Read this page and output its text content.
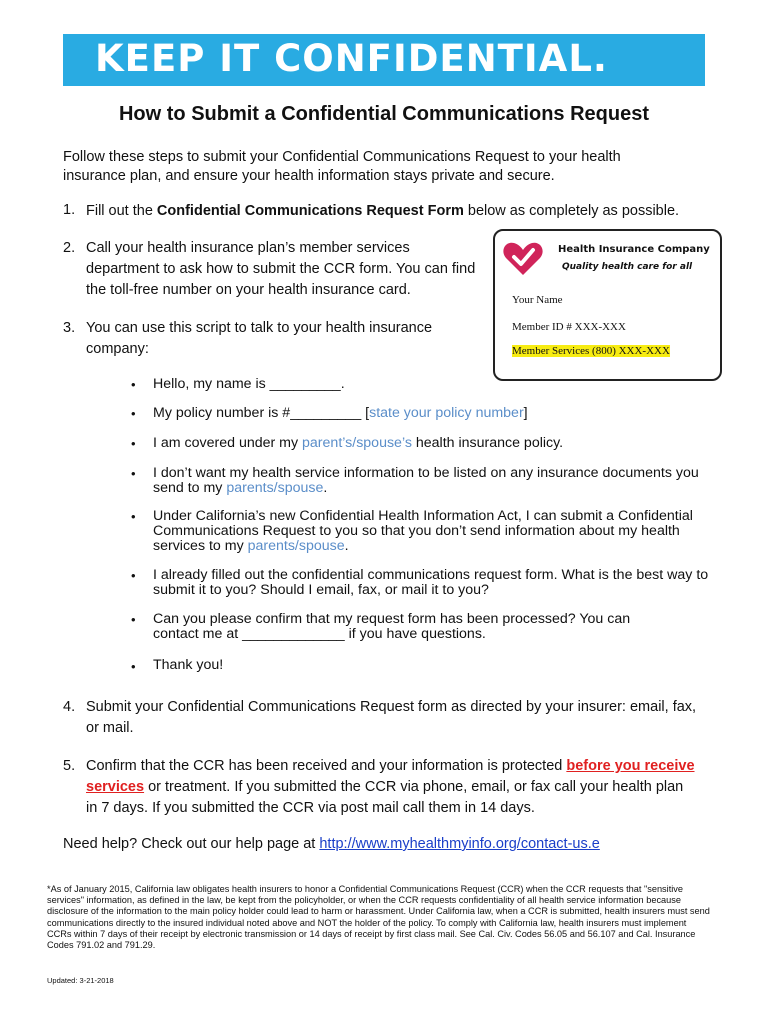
KEEP IT CONFIDENTIAL.
How to Submit a Confidential Communications Request
Follow these steps to submit your Confidential Communications Request to your health insurance plan, and ensure your health information stays private and secure.
1. Fill out the Confidential Communications Request Form below as completely as possible.
2. Call your health insurance plan’s member services department to ask how to submit the CCR form. You can find the toll-free number on your health insurance card.
3. You can use this script to talk to your health insurance company:
Health Insurance Company
Quality health care for all
Your Name
Member ID # XXX-XXX
Member Services (800) XXX-XXX
• Hello, my name is _________.
• My policy number is #_________ [state your policy number]
• I am covered under my parent’s/spouse’s health insurance policy.
• I don’t want my health service information to be listed on any insurance documents you send to my parents/spouse.
• Under California’s new Confidential Health Information Act, I can submit a Confidential Communications Request to you so that you don’t send information about my health services to my parents/spouse.
• I already filled out the confidential communications request form. What is the best way to submit it to you? Should I email, fax, or mail it to you?
• Can you please confirm that my request form has been processed? You can contact me at _____________ if you have questions.
• Thank you!
4. Submit your Confidential Communications Request form as directed by your insurer: email, fax, or mail.
5. Confirm that the CCR has been received and your information is protected before you receive services or treatment. If you submitted the CCR via phone, email, or fax call your health plan in 7 days. If you submitted the CCR via post mail call them in 14 days.
Need help? Check out our help page at http://www.myhealthmyinfo.org/contact-us.e
*As of January 2015, California law obligates health insurers to honor a Confidential Communications Request (CCR) when the CCR requests that "sensitive services" information, as defined in the law, be kept from the policyholder, or when the CCR requests confidentiality of all health service information because disclosure of the information to the main policy holder could lead to harm or harassment. Under California law, when a CCR is submitted, health insurers must send communications directly to the insured individual noted above and NOT the holder of the policy. To comply with California law, health insurers must implement CCRs within 7 days of their receipt by electronic transmission or 14 days of receipt by first class mail. See Cal. Civ. Codes 56.05 and 56.107 and Cal. Insurance Codes 791.02 and 791.29.
Updated: 3-21-2018
